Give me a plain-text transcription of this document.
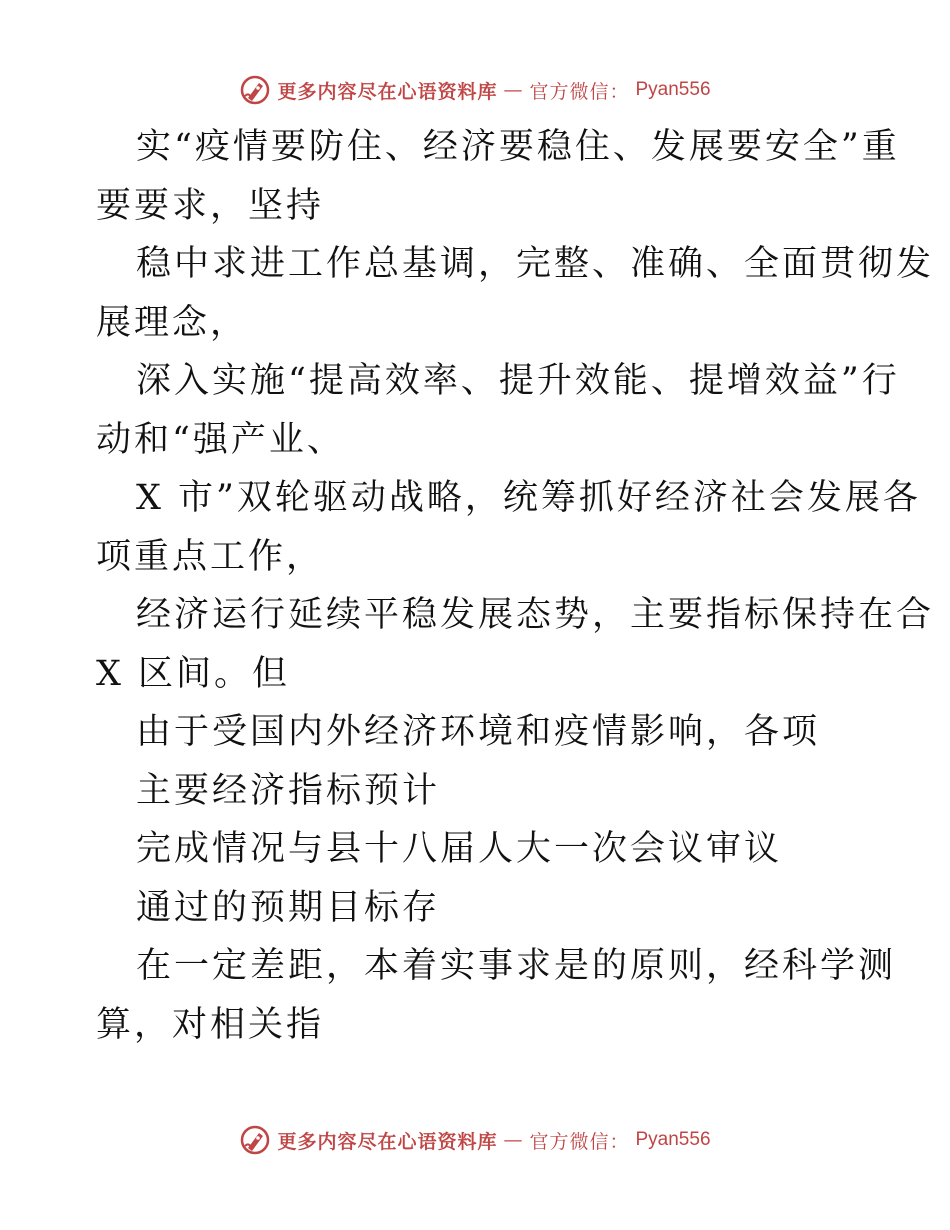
更多内容尽在心语资料库 — 官方微信： Pyan556
实“疫情要防住、经济要稳住、发展要安全”重
要要求，坚持
稳中求进工作总基调，完整、准确、全面贯彻发
展理念，
深入实施“提高效率、提升效能、提增效益”行
动和“强产业、
X 市”双轮驱动战略，统筹抓好经济社会发展各
项重点工作，
经济运行延续平稳发展态势，主要指标保持在合
X 区间。但
由于受国内外经济环境和疫情影响，各项
主要经济指标预计
完成情况与县十八届人大一次会议审议
通过的预期目标存
在一定差距，本着实事求是的原则，经科学测
算，对相关指
更多内容尽在心语资料库 — 官方微信： Pyan556
